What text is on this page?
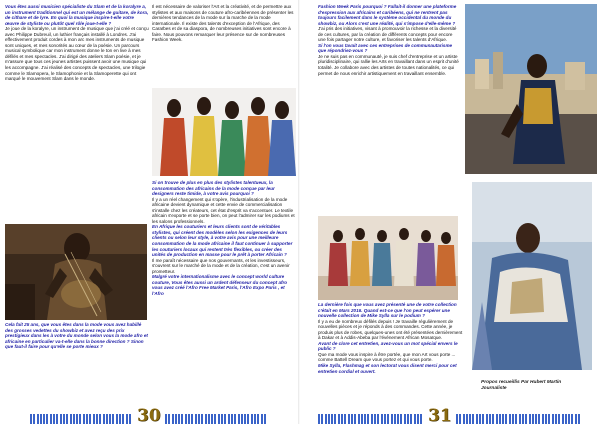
Vous êtes aussi musicien spécialiste du Slam et de la koralyre a, un instrument traditionnel qui est un mélange de guitare, de kora, de cithare et de lyre. En quoi la musique inspire-t-elle votre œuvre de styliste ou plutôt quel rôle joue-t-elle ?

Je joue de la koralyre, un instrument de musique que j'ai créé et conçu avec Philippe Dubreuil, un luthier français installé à Londres. J'ai effectivement produit cordes à mon arc mes instruments de musique sont uniques, et mes sonorités au cœur de la poésie. Un parcours musical symbolique car mon instrument donne le ton en live à mes défilés et mes spectacles. J'ai dirigé des ateliers Slam poésie, et je m'assure que tous ces jeunes artistes puissent avoir une musique qui les accompagne. J'ai réalisé des concepts de spectacles, une trilogie comme le Slamopera, le Slamophonie et la Slamoperette qui ont marqué le mouvement Slam dans le monde.

Cela fait 25 ans, que vous êtes dans la mode vous avez habillé des grosses vedettes du showbiz et avez reçu des prix prestigieux dans les à votre du monde selon vous la mode afro et africaine en particulier va-t-elle dans la bonne direction ? Sinon que faut-il faire pour qu'elle se porte mieux ?

Il est nécessaire de valoriser l'Art et la créativité, et de permettre aux stylistes et aux maisons de couture afro-caribéennes de présenter les dernières tendances de la mode sur la marche de la mode internationale. Il existe des talents d'exception de l'Afrique, des Caraïbes et de sa diaspora, de nombreuses initiatives sont encore à faire. Nous pouvons remarquer leur présence sur de nombreuses Fashion Week.

Si on trouve de plus en plus des stylistes talentueux, la consommation des africains de la mode conçue par leur designers reste timide, à votre avis pourquoi ?

Il y a un réel changement qui s'opère, l'industrialisation de la mode africaine devient dynamique et cette envie de commercialisation s'installe chez les créateurs, cet état d'esprit va s'accentuer. Le textile africain s'exporte et se porte bien, on peut l'admirer sur les podiums et les salons professionnels.

En Afrique les couturiers et leurs clients sont de véritables stylistes, qui créent des modèles selon les exigences de leurs clients ou selon leur style, à votre avis pour une meilleure consommation de la mode africaine il faut continuer à supporter les couturiers locaux qui restent très flexibles, ou créer des unités de production en masse pour le prêt à porter Africain ?

Il me paraît nécessaire que nos gouvernants, et les investisseurs, s'ouvrent sur le marché de la mode et de la création, c'est un avenir prometteur.

Malgré votre internationalisme avec le concept world culture couture, Vous êtes aussi un ardent défenseur du concept afro vous avez créé l'Afro Free Market Paris, l'Afro Expo Paris , et l'Afro

30

Fashion Week Paris pourquoi ? Fallait-il donner une plateforme d'expression aux africains et caribéens, qui ne rentrent pas toujours facilement dans le système occidental du monde du showbiz, ou Alors c'est une réalité, qui s'impose d'elle-même ?

J'ai pris des initiatives, visant à promouvoir la richesse et la diversité de ces cultures, par la création de différents concepts pour encore une fois partager notre culture, et favoriser les talents d'Afrique.

Si l'on vous tavait avec ces entreprises de communautarisme que répondriez-vous ?

Je ne suis pas en communauté, je suis chef d'entreprise et un artiste pluridisciplinaire, qui rallie les Arts en travaillant dans un esprit d'unité totalité. Je collabore avec des artistes de toutes nationalités, ce qui permet de nous enrichir artistiquement en travaillant ensemble.

La dernière fois que vous avez présenté une de votre collection c'était en Mars 2016. Quand est-ce que l'on peut espérer une nouvelle collection de Mike Sylla sur le podium ?

Il y a eu de nombreux défilés depuis ! Je travaille régulièrement de nouvelles pièces et je réponds à des commandes. Cette année, je produis plus de robes, quelques-unes ont été présentées dernièrement à Dakar et à Addis-Abeba par l'événement African Mosaïque.

Avant de clore cet entretien, avez-vous un mot spécial envers le public ?

Que ma mode vous inspire à être portée, que mon Art vous porte ... comme Battell Dream que vous portez et qui vous porte.

Mike Sylla, Flashmag et son lectorat vous disent merci pour cet entretien cordial et ouvert.

31
Propos recueillis Par Hubert Martin Journaliste
